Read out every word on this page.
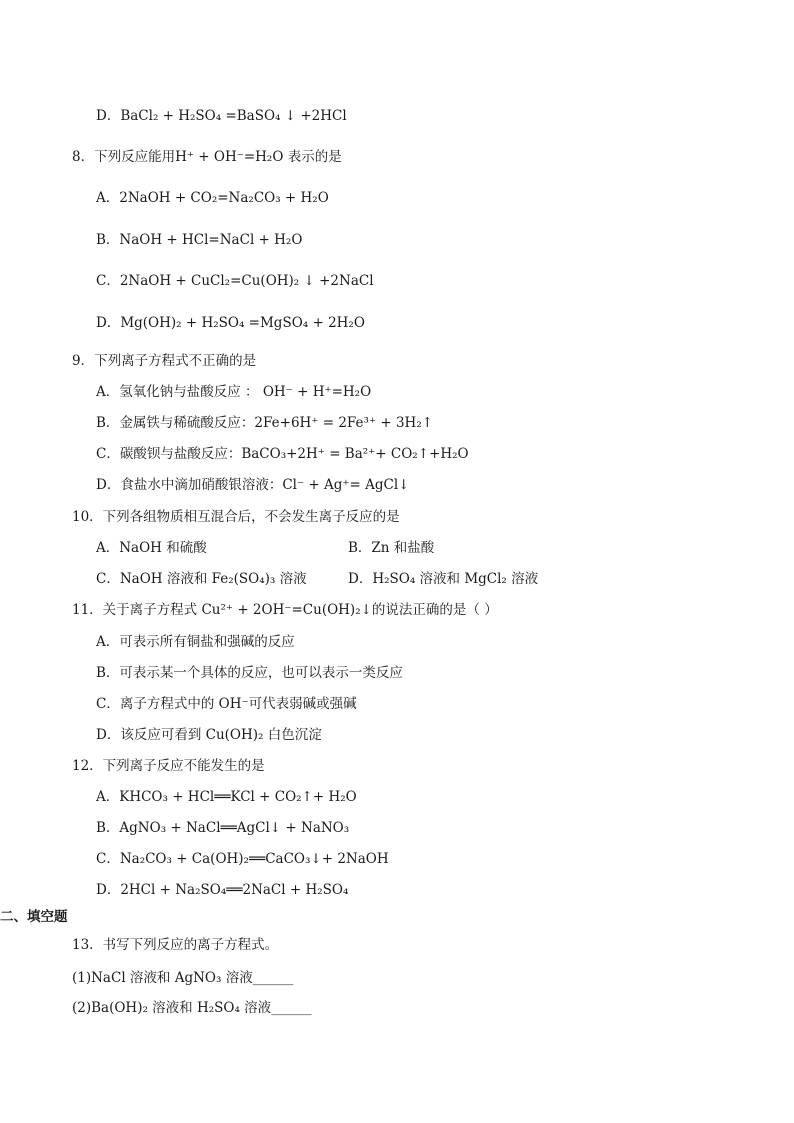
D．BaCl₂ + H₂SO₄ =BaSO₄ ↓ +2HCl
8．下列反应能用H⁺ + OH⁻=H₂O 表示的是
A．2NaOH + CO₂=Na₂CO₃ + H₂O
B．NaOH + HCl=NaCl + H₂O
C．2NaOH + CuCl₂=Cu(OH)₂ ↓ +2NaCl
D．Mg(OH)₂ + H₂SO₄ =MgSO₄ + 2H₂O
9．下列离子方程式不正确的是
A．氢氧化钠与盐酸反应 ： OH⁻ + H⁺=H₂O
B．金属铁与稀硫酸反应：2Fe+6H⁺ = 2Fe³⁺ + 3H₂↑
C．碳酸钡与盐酸反应：BaCO₃+2H⁺ = Ba²⁺+ CO₂↑+H₂O
D．食盐水中滴加硝酸银溶液：Cl⁻ + Ag⁺= AgCl↓
10．下列各组物质相互混合后，不会发生离子反应的是
A．NaOH 和硫酸	B．Zn 和盐酸
C．NaOH 溶液和 Fe₂(SO₄)₃ 溶液	D．H₂SO₄ 溶液和 MgCl₂ 溶液
11．关于离子方程式 Cu²⁺ + 2OH⁻=Cu(OH)₂↓的说法正确的是（ ）
A．可表示所有铜盐和强碱的反应
B．可表示某一个具体的反应，也可以表示一类反应
C．离子方程式中的 OH⁻可代表弱碱或强碱
D．该反应可看到 Cu(OH)₂ 白色沉淀
12．下列离子反应不能发生的是
A．KHCO₃ + HCl══KCl + CO₂↑+ H₂O
B．AgNO₃ + NaCl══AgCl↓ + NaNO₃
C．Na₂CO₃ + Ca(OH)₂══CaCO₃↓+ 2NaOH
D．2HCl + Na₂SO₄══2NaCl + H₂SO₄
二、填空题
13．书写下列反应的离子方程式。
(1)NaCl 溶液和 AgNO₃ 溶液______
(2)Ba(OH)₂ 溶液和 H₂SO₄ 溶液______
